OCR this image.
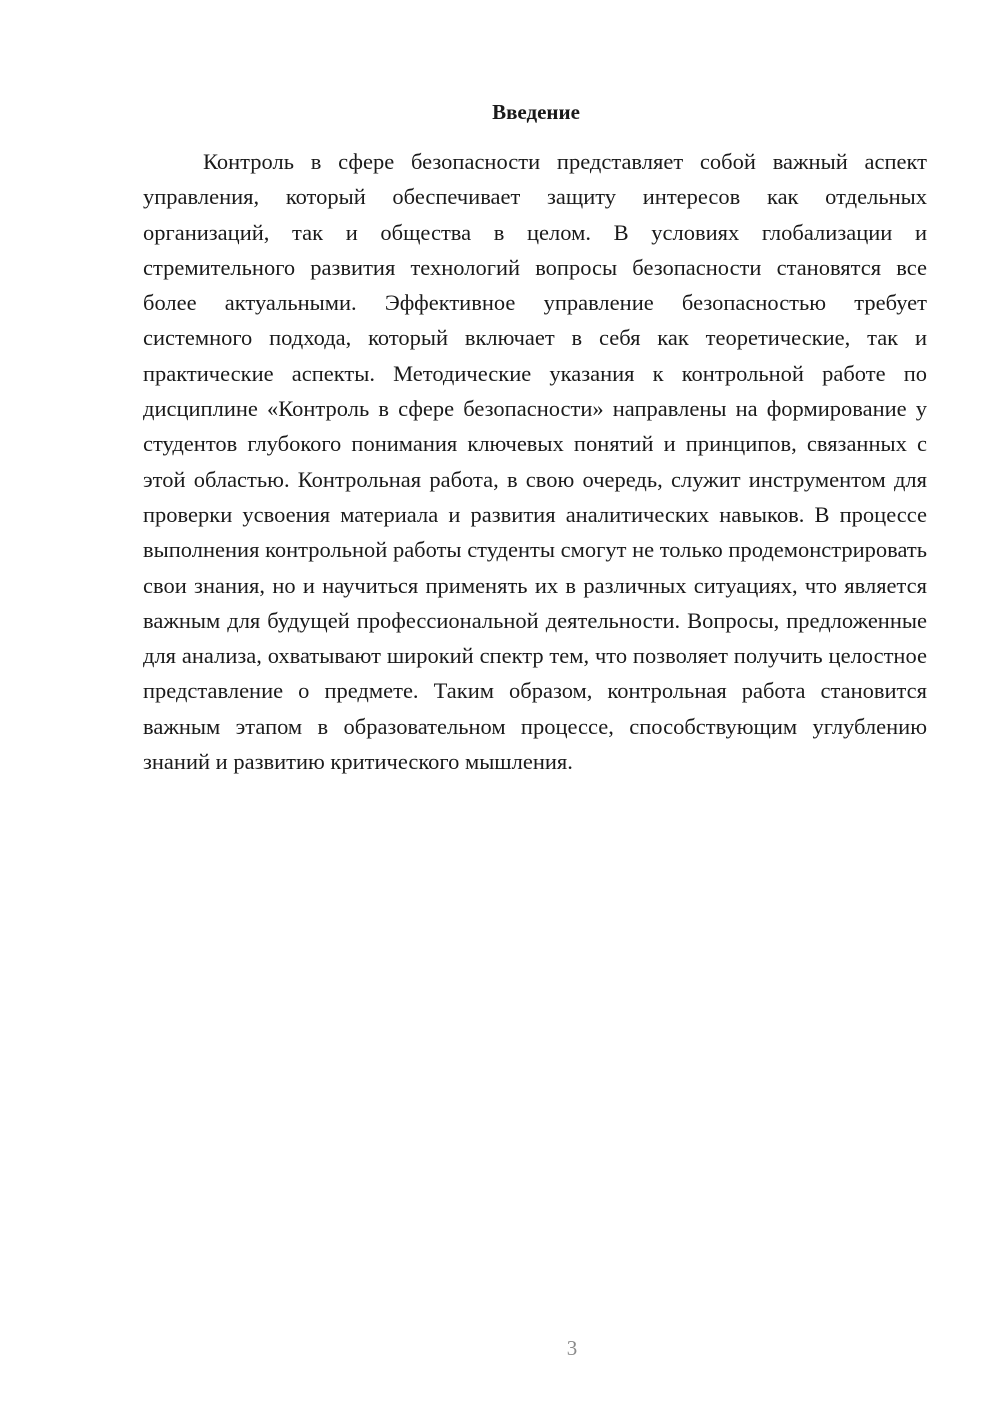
Введение

Контроль в сфере безопасности представляет собой важный аспект управления, который обеспечивает защиту интересов как отдельных организаций, так и общества в целом. В условиях глобализации и стремительного развития технологий вопросы безопасности становятся все более актуальными. Эффективное управление безопасностью требует системного подхода, который включает в себя как теоретические, так и практические аспекты. Методические указания к контрольной работе по дисциплине «Контроль в сфере безопасности» направлены на формирование у студентов глубокого понимания ключевых понятий и принципов, связанных с этой областью. Контрольная работа, в свою очередь, служит инструментом для проверки усвоения материала и развития аналитических навыков. В процессе выполнения контрольной работы студенты смогут не только продемонстрировать свои знания, но и научиться применять их в различных ситуациях, что является важным для будущей профессиональной деятельности. Вопросы, предложенные для анализа, охватывают широкий спектр тем, что позволяет получить целостное представление о предмете. Таким образом, контрольная работа становится важным этапом в образовательном процессе, способствующим углублению знаний и развитию критического мышления.

3
